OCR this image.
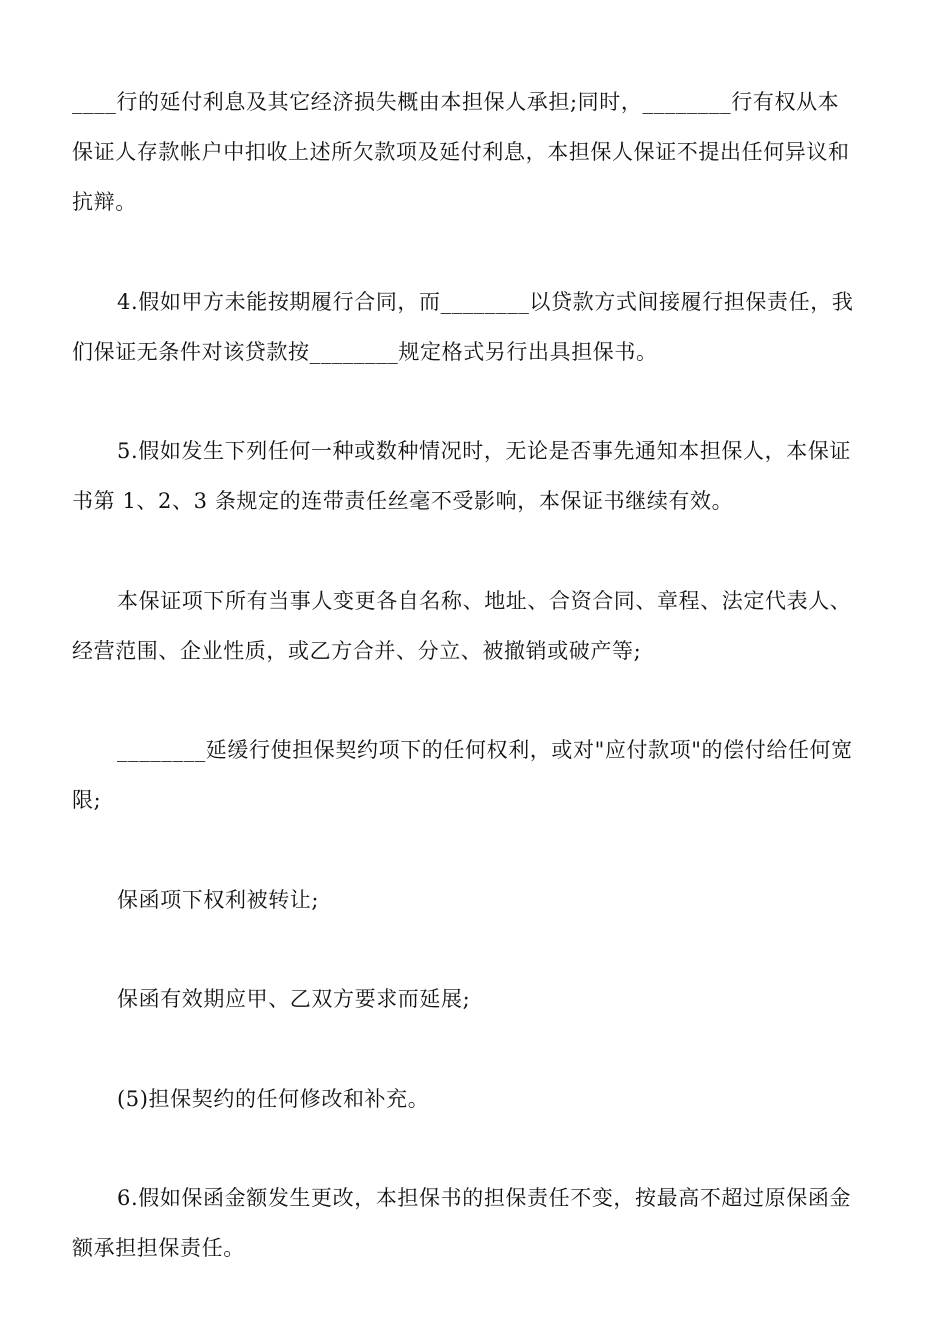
____行的延付利息及其它经济损失概由本担保人承担;同时，________行有权从本
保证人存款帐户中扣收上述所欠款项及延付利息，本担保人保证不提出任何异议和
抗辩。
4.假如甲方未能按期履行合同，而________以贷款方式间接履行担保责任，我
们保证无条件对该贷款按________规定格式另行出具担保书。
5.假如发生下列任何一种或数种情况时，无论是否事先通知本担保人，本保证
书第 1、2、3 条规定的连带责任丝毫不受影响，本保证书继续有效。
本保证项下所有当事人变更各自名称、地址、合资合同、章程、法定代表人、
经营范围、企业性质，或乙方合并、分立、被撤销或破产等;
________延缓行使担保契约项下的任何权利，或对"应付款项"的偿付给任何宽
限;
保函项下权利被转让;
保函有效期应甲、乙双方要求而延展;
(5)担保契约的任何修改和补充。
6.假如保函金额发生更改，本担保书的担保责任不变，按最高不超过原保函金
额承担担保责任。
